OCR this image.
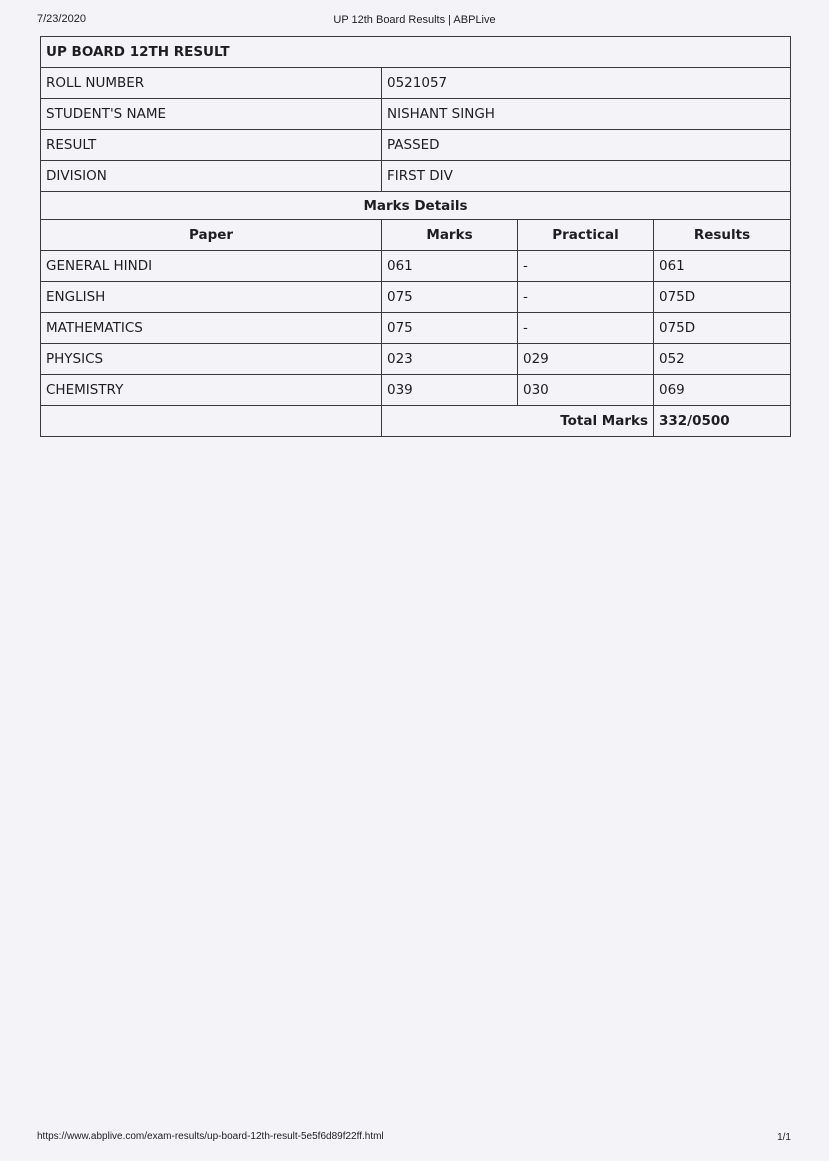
7/23/2020	UP 12th Board Results | ABPLive
UP BOARD 12TH RESULT			
ROLL NUMBER	0521057		
STUDENT'S NAME	NISHANT SINGH		
RESULT	PASSED		
DIVISION	FIRST DIV		
Marks Details			
Paper	Marks	Practical	Results
GENERAL HINDI	061	-	061
ENGLISH	075	-	075D
MATHEMATICS	075	-	075D
PHYSICS	023	029	052
CHEMISTRY	039	030	069
	Total Marks		332/0500
https://www.abplive.com/exam-results/up-board-12th-result-5e5f6d89f22ff.html	1/1
